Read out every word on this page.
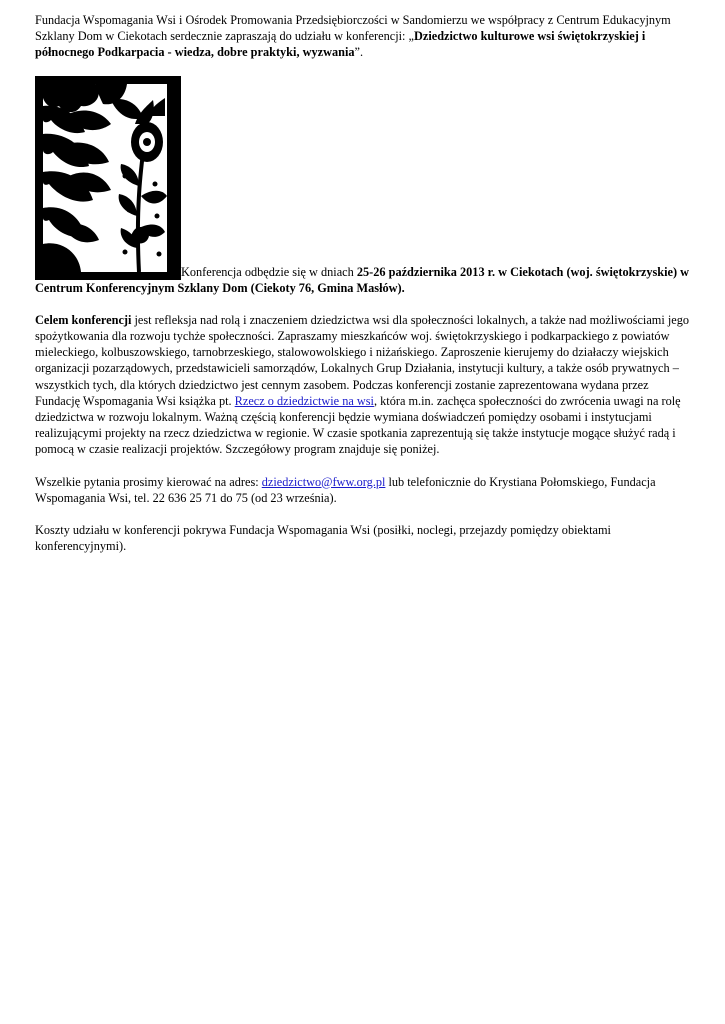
Fundacja Wspomagania Wsi i Ośrodek Promowania Przedsiębiorczości w Sandomierzu we współpracy z Centrum Edukacyjnym Szklany Dom w Ciekotach serdecznie zapraszają do udziału w konferencji: „Dziedzictwo kulturowe wsi świętokrzyskiej i północnego Podkarpacia - wiedza, dobre praktyki, wyzwania”.

Konferencja odbędzie się w dniach 25-26 października 2013 r. w Ciekotach (woj. świętokrzyskie) w Centrum Konferencyjnym Szklany Dom (Ciekoty 76, Gmina Masłów).

Celem konferencji jest refleksja nad rolą i znaczeniem dziedzictwa wsi dla społeczności lokalnych, a także nad możliwościami jego spożytkowania dla rozwoju tychże społeczności. Zapraszamy mieszkańców woj. świętokrzyskiego i podkarpackiego z powiatów mieleckiego, kolbuszowskiego, tarnobrzeskiego, stalowowolskiego i niżańskiego. Zaproszenie kierujemy do działaczy wiejskich organizacji pozarządowych, przedstawicieli samorządów, Lokalnych Grup Działania, instytucji kultury, a także osób prywatnych – wszystkich tych, dla których dziedzictwo jest cennym zasobem. Podczas konferencji zostanie zaprezentowana wydana przez Fundację Wspomagania Wsi książka pt. Rzecz o dziedzictwie na wsi, która m.in. zachęca społeczności do zwrócenia uwagi na rolę dziedzictwa w rozwoju lokalnym. Ważną częścią konferencji będzie wymiana doświadczeń pomiędzy osobami i instytucjami realizującymi projekty na rzecz dziedzictwa w regionie. W czasie spotkania zaprezentują się także instytucje mogące służyć radą i pomocą w czasie realizacji projektów. Szczegółowy program znajduje się poniżej.

Wszelkie pytania prosimy kierować na adres: dziedzictwo@fww.org.pl lub telefonicznie do Krystiana Połomskiego, Fundacja Wspomagania Wsi, tel. 22 636 25 71 do 75 (od 23 września).

Koszty udziału w konferencji pokrywa Fundacja Wspomagania Wsi (posiłki, noclegi, przejazdy pomiędzy obiektami konferencyjnymi).
